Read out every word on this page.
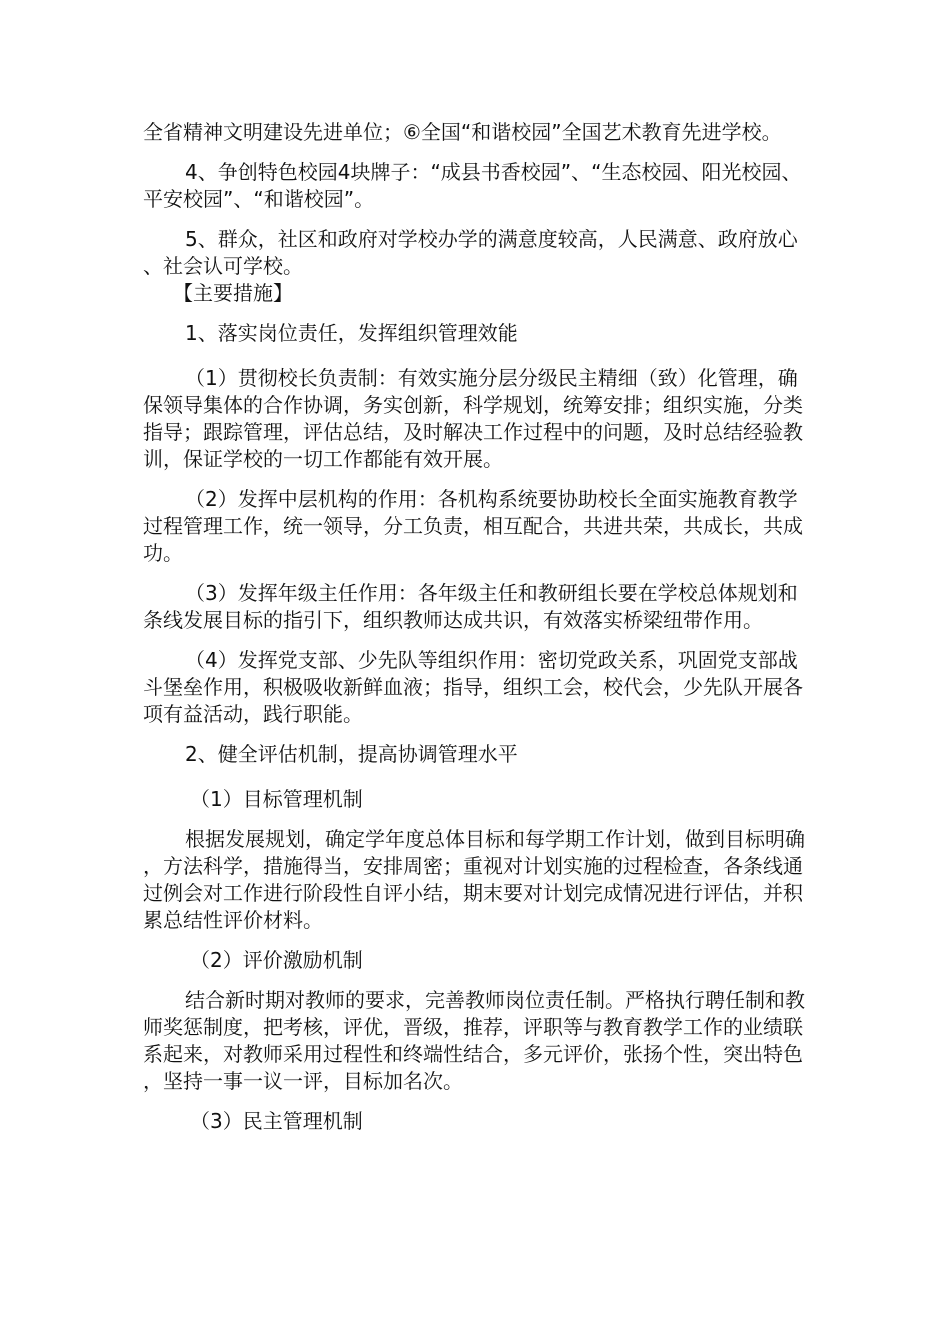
全省精神文明建设先进单位；⑥全国“和谐校园”全国艺术教育先进学校。

4、争创特色校园4块牌子：“成县书香校园”、“生态校园、阳光校园、平安校园”、“和谐校园”。

5、群众，社区和政府对学校办学的满意度较高，人民满意、政府放心、社会认可学校。

【主要措施】

1、落实岗位责任，发挥组织管理效能

（1）贯彻校长负责制：有效实施分层分级民主精细（致）化管理，确保领导集体的合作协调，务实创新，科学规划，统筹安排；组织实施，分类指导；跟踪管理，评估总结，及时解决工作过程中的问题，及时总结经验教训，保证学校的一切工作都能有效开展。

（2）发挥中层机构的作用：各机构系统要协助校长全面实施教育教学过程管理工作，统一领导，分工负责，相互配合，共进共荣，共成长，共成功。

（3）发挥年级主任作用：各年级主任和教研组长要在学校总体规划和条线发展目标的指引下，组织教师达成共识，有效落实桥梁纽带作用。

（4）发挥党支部、少先队等组织作用：密切党政关系，巩固党支部战斗堡垒作用，积极吸收新鲜血液；指导，组织工会，校代会，少先队开展各项有益活动，践行职能。

2、健全评估机制，提高协调管理水平

（1）目标管理机制

根据发展规划，确定学年度总体目标和每学期工作计划，做到目标明确，方法科学，措施得当，安排周密；重视对计划实施的过程检查，各条线通过例会对工作进行阶段性自评小结，期末要对计划完成情况进行评估，并积累总结性评价材料。

（2）评价激励机制

结合新时期对教师的要求，完善教师岗位责任制。严格执行聘任制和教师奖惩制度，把考核，评优，晋级，推荐，评职等与教育教学工作的业绩联系起来，对教师采用过程性和终端性结合，多元评价，张扬个性，突出特色，坚持一事一议一评，目标加名次。

（3）民主管理机制
